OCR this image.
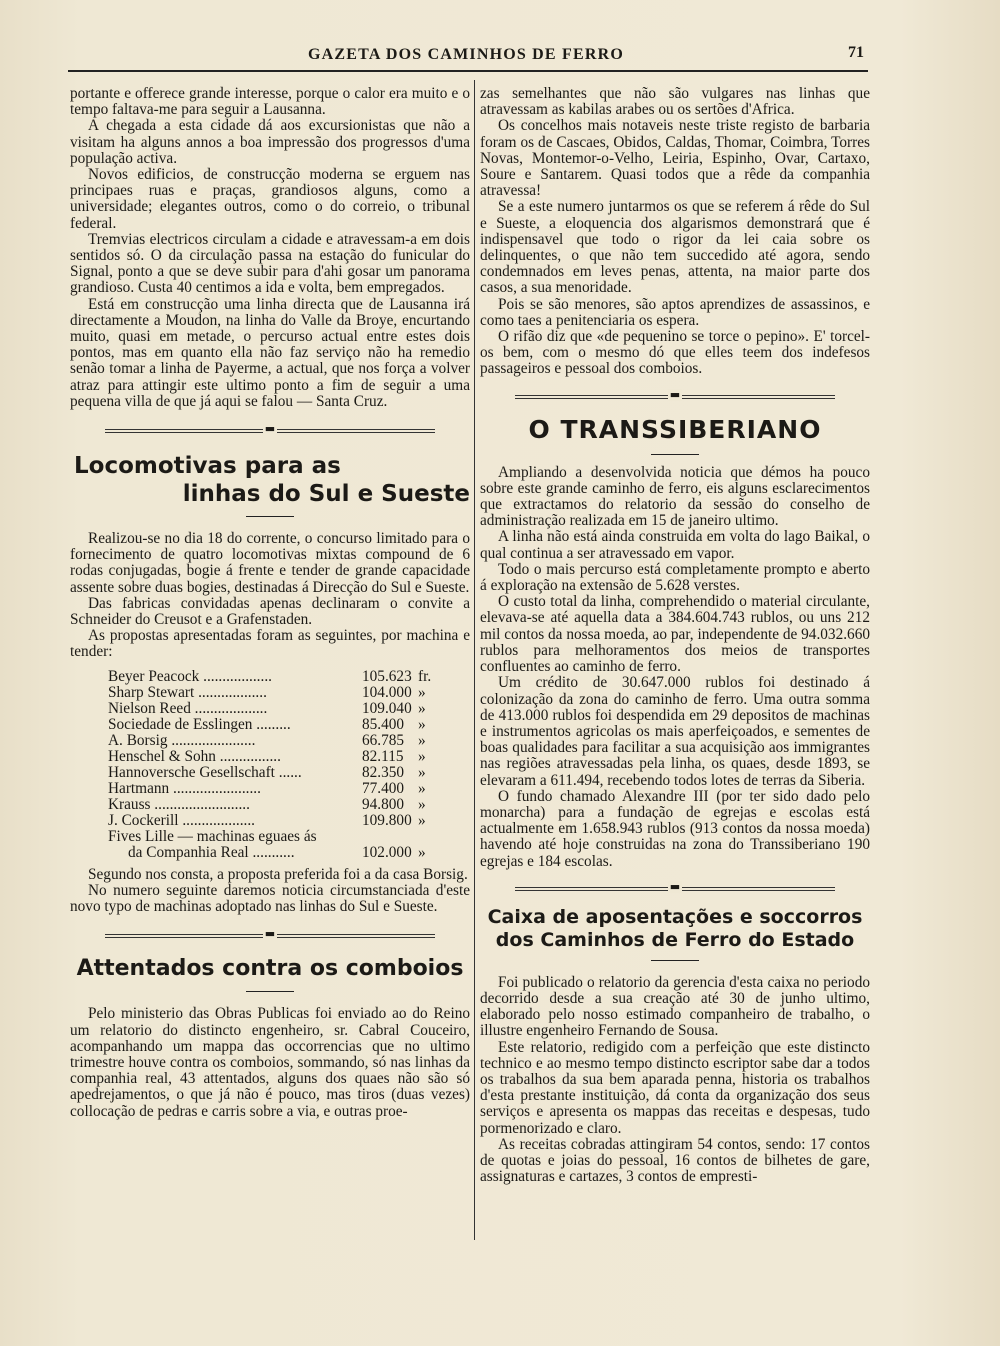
GAZETA DOS CAMINHOS DE FERRO	71

portante e offerece grande interesse, porque o calor era muito e o tempo faltava-me para seguir a Lausanna.

A chegada a esta cidade dá aos excursionistas que não a visitam ha alguns annos a boa impressão dos progressos d'uma população activa.

Novos edificios, de construcção moderna se erguem nas principaes ruas e praças, grandiosos alguns, como a universidade; elegantes outros, como o do correio, o tribunal federal.

Tremvias electricos circulam a cidade e atravessam-a em dois sentidos só. O da circulação passa na estação do funicular do Signal, ponto a que se deve subir para d'ahi gosar um panorama grandioso. Custa 40 centimos a ida e volta, bem empregados.

Está em construcção uma linha directa que de Lausanna irá directamente a Moudon, na linha do Valle da Broye, encurtando muito, quasi em metade, o percurso actual entre estes dois pontos, mas em quanto ella não faz serviço não ha remedio senão tomar a linha de Payerme, a actual, que nos força a volver atraz para attingir este ultimo ponto a fim de seguir a uma pequena villa de que já aqui se falou — Santa Cruz.

▬
Locomotivas para as
linhas do Sul e Sueste

Realizou-se no dia 18 do corrente, o concurso limitado para o fornecimento de quatro locomotivas mixtas compound de 6 rodas conjugadas, bogie á frente e tender de grande capacidade assente sobre duas bogies, destinadas á Direcção do Sul e Sueste.

Das fabricas convidadas apenas declinaram o convite a Schneider do Creusot e a Grafenstaden.

As propostas apresentadas foram as seguintes, por machina e tender:

Beyer Peacock ..................	105.623 fr.
Sharp Stewart ..................	104.000 »
Nielson Reed ...................	109.040 »
Sociedade de Esslingen .........	85.400 »
A. Borsig ......................	66.785 »
Henschel & Sohn ................	82.115 »
Hannoversche Gesellschaft ......	82.350 »
Hartmann .......................	77.400 »
Krauss .........................	94.800 »
J. Cockerill ...................	109.800 »
Fives Lille — machinas eguaes ás
da Companhia Real ...........	102.000 »

Segundo nos consta, a proposta preferida foi a da casa Borsig.

No numero seguinte daremos noticia circumstanciada d'este novo typo de machinas adoptado nas linhas do Sul e Sueste.

▬
Attentados contra os comboios

Pelo ministerio das Obras Publicas foi enviado ao do Reino um relatorio do distincto engenheiro, sr. Cabral Couceiro, acompanhando um mappa das occorrencias que no ultimo trimestre houve contra os comboios, sommando, só nas linhas da companhia real, 43 attentados, alguns dos quaes não são só apedrejamentos, o que já não é pouco, mas tiros (duas vezes) collocação de pedras e carris sobre a via, e outras proe-

zas semelhantes que não são vulgares nas linhas que atravessam as kabilas arabes ou os sertões d'Africa.

Os concelhos mais notaveis neste triste registo de barbaria foram os de Cascaes, Obidos, Caldas, Thomar, Coimbra, Torres Novas, Montemor-o-Velho, Leiria, Espinho, Ovar, Cartaxo, Soure e Santarem. Quasi todos que a rêde da companhia atravessa!

Se a este numero juntarmos os que se referem á rêde do Sul e Sueste, a eloquencia dos algarismos demonstrará que é indispensavel que todo o rigor da lei caia sobre os delinquentes, o que não tem succedido até agora, sendo condemnados em leves penas, attenta, na maior parte dos casos, a sua menoridade.

Pois se são menores, são aptos aprendizes de assassinos, e como taes a penitenciaria os espera.

O rifão diz que «de pequenino se torce o pepino». E' torcel-os bem, com o mesmo dó que elles teem dos indefesos passageiros e pessoal dos comboios.

▬
O TRANSSIBERIANO

Ampliando a desenvolvida noticia que démos ha pouco sobre este grande caminho de ferro, eis alguns esclarecimentos que extractamos do relatorio da sessão do conselho de administração realizada em 15 de janeiro ultimo.

A linha não está ainda construida em volta do lago Baikal, o qual continua a ser atravessado em vapor.

Todo o mais percurso está completamente prompto e aberto á exploração na extensão de 5.628 verstes.

O custo total da linha, comprehendido o material circulante, elevava-se até aquella data a 384.604.743 rublos, ou uns 212 mil contos da nossa moeda, ao par, independente de 94.032.660 rublos para melhoramentos dos meios de transportes confluentes ao caminho de ferro.

Um crédito de 30.647.000 rublos foi destinado á colonização da zona do caminho de ferro. Uma outra somma de 413.000 rublos foi despendida em 29 depositos de machinas e instrumentos agricolas os mais aperfeiçoados, e sementes de boas qualidades para facilitar a sua acquisição aos immigrantes nas regiões atravessadas pela linha, os quaes, desde 1893, se elevaram a 611.494, recebendo todos lotes de terras da Siberia.

O fundo chamado Alexandre III (por ter sido dado pelo monarcha) para a fundação de egrejas e escolas está actualmente em 1.658.943 rublos (913 contos da nossa moeda) havendo até hoje construidas na zona do Transsiberiano 190 egrejas e 184 escolas.

▬
Caixa de aposentações e soccorros
dos Caminhos de Ferro do Estado

Foi publicado o relatorio da gerencia d'esta caixa no periodo decorrido desde a sua creação até 30 de junho ultimo, elaborado pelo nosso estimado companheiro de trabalho, o illustre engenheiro Fernando de Sousa.

Este relatorio, redigido com a perfeição que este distincto technico e ao mesmo tempo distincto escriptor sabe dar a todos os trabalhos da sua bem aparada penna, historia os trabalhos d'esta prestante instituição, dá conta da organização dos seus serviços e apresenta os mappas das receitas e despesas, tudo pormenorizado e claro.

As receitas cobradas attingiram 54 contos, sendo: 17 contos de quotas e joias do pessoal, 16 contos de bilhetes de gare, assignaturas e cartazes, 3 contos de empresti-
